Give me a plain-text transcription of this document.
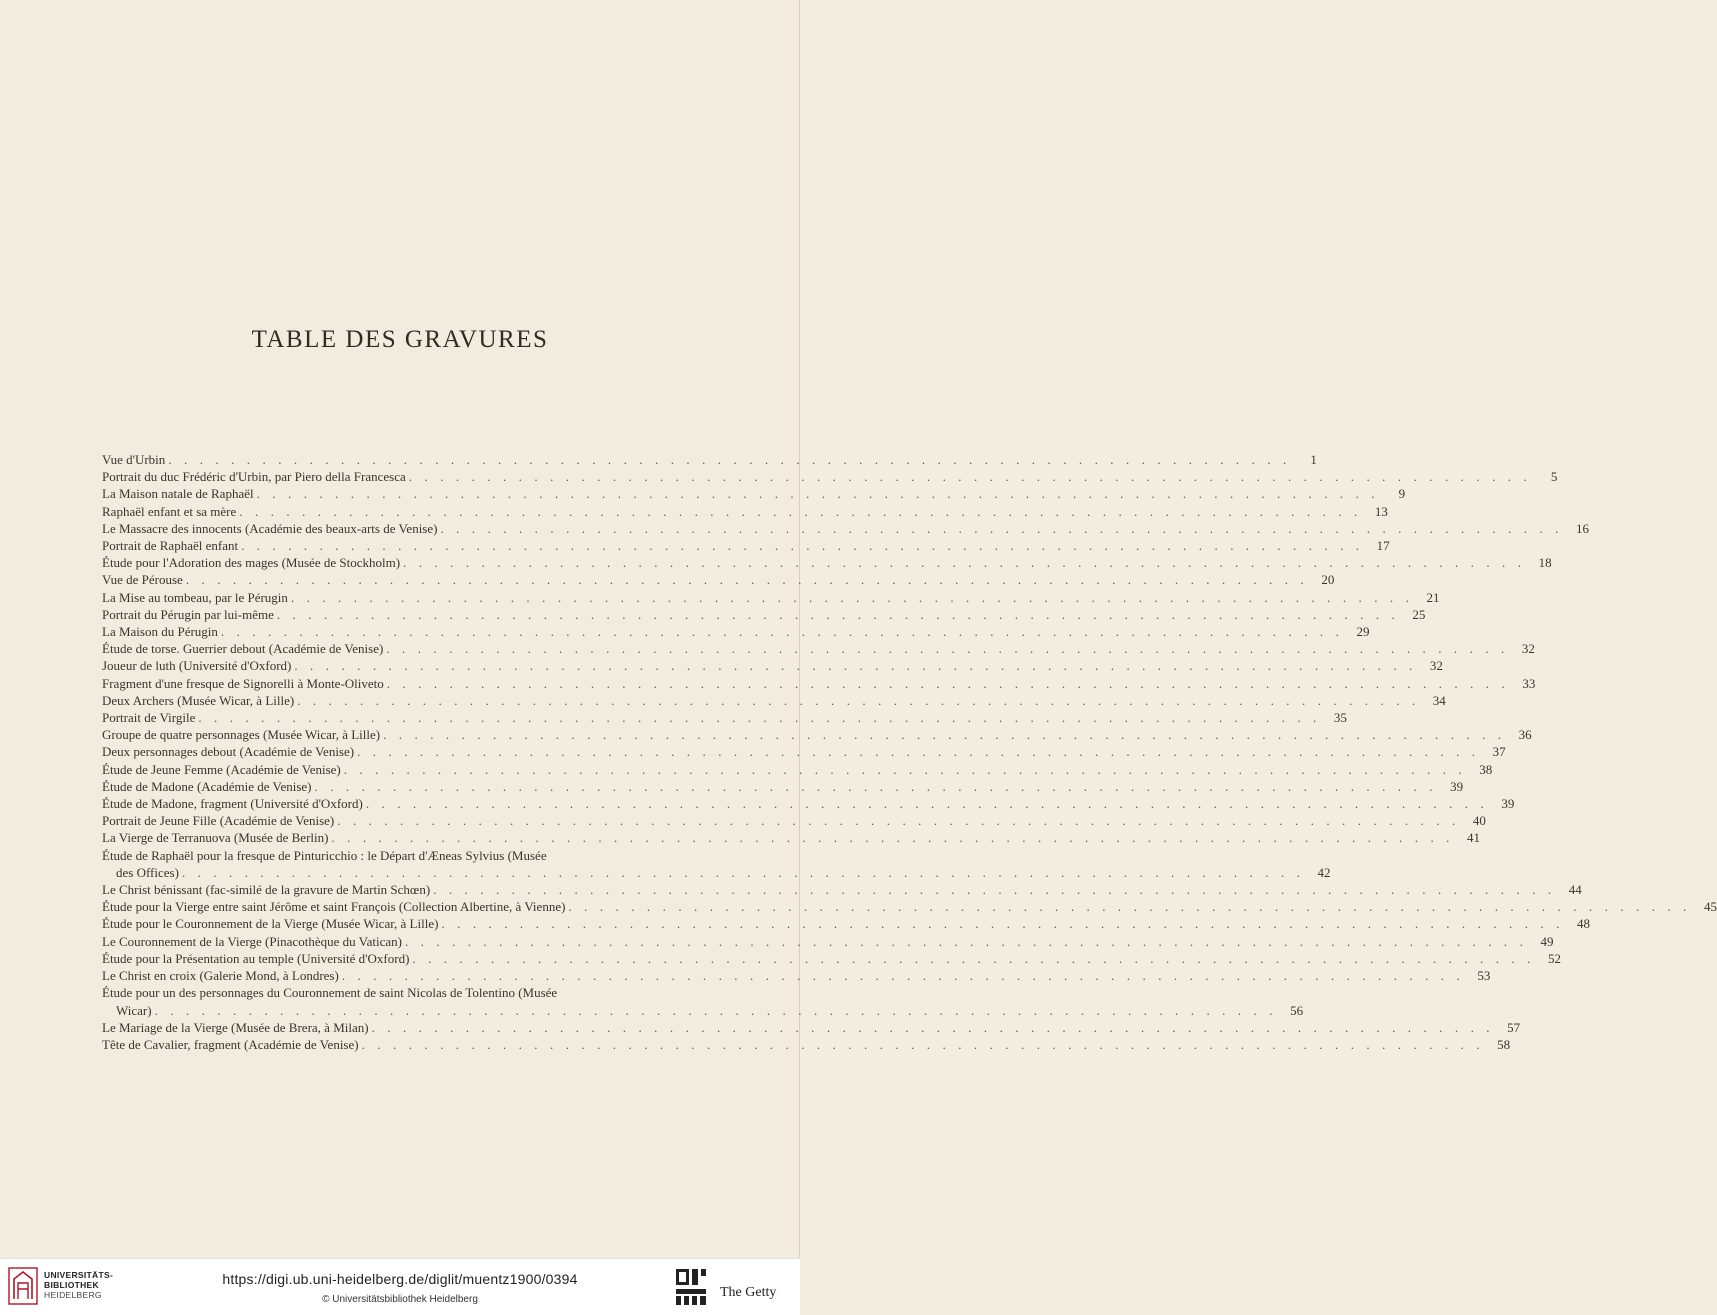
TABLE DES GRAVURES
Vue d'Urbin . . . . . . . . . . . . . . . . . . . . . . . . . . . . . . . . . . . . . . . . . . . . . . . . . . . . . . . . . . . . . . . . . . . . . . . .	1
Portrait du duc Frédéric d'Urbin, par Piero della Francesca . . . . . . . . . . . . . . . . . . . . . . . . . . . . . . . . . . . . . . . . . . . . . . . . . . . . . . . . . . . . . . . . . . . . . . . .	5
La Maison natale de Raphaël . . . . . . . . . . . . . . . . . . . . . . . . . . . . . . . . . . . . . . . . . . . . . . . . . . . . . . . . . . . . . . . . . . . . . . . .	9
Raphaël enfant et sa mère . . . . . . . . . . . . . . . . . . . . . . . . . . . . . . . . . . . . . . . . . . . . . . . . . . . . . . . . . . . . . . . . . . . . . . . .	13
Le Massacre des innocents (Académie des beaux-arts de Venise) . . . . . . . . . . . . . . . . . . . . . . . . . . . . . . . . . . . . . . . . . . . . . . . . . . . . . . . . . . . . . . . . . . . . . . . .	16
Portrait de Raphaël enfant . . . . . . . . . . . . . . . . . . . . . . . . . . . . . . . . . . . . . . . . . . . . . . . . . . . . . . . . . . . . . . . . . . . . . . . .	17
Étude pour l'Adoration des mages (Musée de Stockholm) . . . . . . . . . . . . . . . . . . . . . . . . . . . . . . . . . . . . . . . . . . . . . . . . . . . . . . . . . . . . . . . . . . . . . . . .	18
Vue de Pérouse . . . . . . . . . . . . . . . . . . . . . . . . . . . . . . . . . . . . . . . . . . . . . . . . . . . . . . . . . . . . . . . . . . . . . . . .	20
La Mise au tombeau, par le Pérugin . . . . . . . . . . . . . . . . . . . . . . . . . . . . . . . . . . . . . . . . . . . . . . . . . . . . . . . . . . . . . . . . . . . . . . . .	21
Portrait du Pérugin par lui-même . . . . . . . . . . . . . . . . . . . . . . . . . . . . . . . . . . . . . . . . . . . . . . . . . . . . . . . . . . . . . . . . . . . . . . . .	25
La Maison du Pérugin . . . . . . . . . . . . . . . . . . . . . . . . . . . . . . . . . . . . . . . . . . . . . . . . . . . . . . . . . . . . . . . . . . . . . . . .	29
Étude de torse. Guerrier debout (Académie de Venise) . . . . . . . . . . . . . . . . . . . . . . . . . . . . . . . . . . . . . . . . . . . . . . . . . . . . . . . . . . . . . . . . . . . . . . . .	32
Joueur de luth (Université d'Oxford) . . . . . . . . . . . . . . . . . . . . . . . . . . . . . . . . . . . . . . . . . . . . . . . . . . . . . . . . . . . . . . . . . . . . . . . .	32
Fragment d'une fresque de Signorelli à Monte-Oliveto . . . . . . . . . . . . . . . . . . . . . . . . . . . . . . . . . . . . . . . . . . . . . . . . . . . . . . . . . . . . . . . . . . . . . . . .	33
Deux Archers (Musée Wicar, à Lille) . . . . . . . . . . . . . . . . . . . . . . . . . . . . . . . . . . . . . . . . . . . . . . . . . . . . . . . . . . . . . . . . . . . . . . . .	34
Portrait de Virgile . . . . . . . . . . . . . . . . . . . . . . . . . . . . . . . . . . . . . . . . . . . . . . . . . . . . . . . . . . . . . . . . . . . . . . . .	35
Groupe de quatre personnages (Musée Wicar, à Lille) . . . . . . . . . . . . . . . . . . . . . . . . . . . . . . . . . . . . . . . . . . . . . . . . . . . . . . . . . . . . . . . . . . . . . . . .	36
Deux personnages debout (Académie de Venise) . . . . . . . . . . . . . . . . . . . . . . . . . . . . . . . . . . . . . . . . . . . . . . . . . . . . . . . . . . . . . . . . . . . . . . . .	37
Étude de Jeune Femme (Académie de Venise) . . . . . . . . . . . . . . . . . . . . . . . . . . . . . . . . . . . . . . . . . . . . . . . . . . . . . . . . . . . . . . . . . . . . . . . .	38
Étude de Madone (Académie de Venise) . . . . . . . . . . . . . . . . . . . . . . . . . . . . . . . . . . . . . . . . . . . . . . . . . . . . . . . . . . . . . . . . . . . . . . . .	39
Étude de Madone, fragment (Université d'Oxford) . . . . . . . . . . . . . . . . . . . . . . . . . . . . . . . . . . . . . . . . . . . . . . . . . . . . . . . . . . . . . . . . . . . . . . . .	39
Portrait de Jeune Fille (Académie de Venise) . . . . . . . . . . . . . . . . . . . . . . . . . . . . . . . . . . . . . . . . . . . . . . . . . . . . . . . . . . . . . . . . . . . . . . . .	40
La Vierge de Terranuova (Musée de Berlin) . . . . . . . . . . . . . . . . . . . . . . . . . . . . . . . . . . . . . . . . . . . . . . . . . . . . . . . . . . . . . . . . . . . . . . . .	41
Étude de Raphaël pour la fresque de Pinturicchio : le Départ d'Æneas Sylvius (Musée
des Offices) . . . . . . . . . . . . . . . . . . . . . . . . . . . . . . . . . . . . . . . . . . . . . . . . . . . . . . . . . . . . . . . . . . . . . . . .	42
Le Christ bénissant (fac-similé de la gravure de Martin Schœn) . . . . . . . . . . . . . . . . . . . . . . . . . . . . . . . . . . . . . . . . . . . . . . . . . . . . . . . . . . . . . . . . . . . . . . . .	44
Étude pour la Vierge entre saint Jérôme et saint François (Collection Albertine, à Vienne) . . . . . . . . . . . . . . . . . . . . . . . . . . . . . . . . . . . . . . . . . . . . . . . . . . . . . . . . . . . . . . . . . . . . . . . .	45
Étude pour le Couronnement de la Vierge (Musée Wicar, à Lille) . . . . . . . . . . . . . . . . . . . . . . . . . . . . . . . . . . . . . . . . . . . . . . . . . . . . . . . . . . . . . . . . . . . . . . . .	48
Le Couronnement de la Vierge (Pinacothèque du Vatican) . . . . . . . . . . . . . . . . . . . . . . . . . . . . . . . . . . . . . . . . . . . . . . . . . . . . . . . . . . . . . . . . . . . . . . . .	49
Étude pour la Présentation au temple (Université d'Oxford) . . . . . . . . . . . . . . . . . . . . . . . . . . . . . . . . . . . . . . . . . . . . . . . . . . . . . . . . . . . . . . . . . . . . . . . .	52
Le Christ en croix (Galerie Mond, à Londres) . . . . . . . . . . . . . . . . . . . . . . . . . . . . . . . . . . . . . . . . . . . . . . . . . . . . . . . . . . . . . . . . . . . . . . . .	53
Étude pour un des personnages du Couronnement de saint Nicolas de Tolentino (Musée
Wicar) . . . . . . . . . . . . . . . . . . . . . . . . . . . . . . . . . . . . . . . . . . . . . . . . . . . . . . . . . . . . . . . . . . . . . . . .	56
Le Mariage de la Vierge (Musée de Brera, à Milan) . . . . . . . . . . . . . . . . . . . . . . . . . . . . . . . . . . . . . . . . . . . . . . . . . . . . . . . . . . . . . . . . . . . . . . . .	57
Tête de Cavalier, fragment (Académie de Venise) . . . . . . . . . . . . . . . . . . . . . . . . . . . . . . . . . . . . . . . . . . . . . . . . . . . . . . . . . . . . . . . . . . . . . . . .	58
UNIVERSITÄTS-
BIBLIOTHEK
HEIDELBERG
https://digi.ub.uni-heidelberg.de/diglit/muentz1900/0394
© Universitätsbibliothek Heidelberg	The Getty
